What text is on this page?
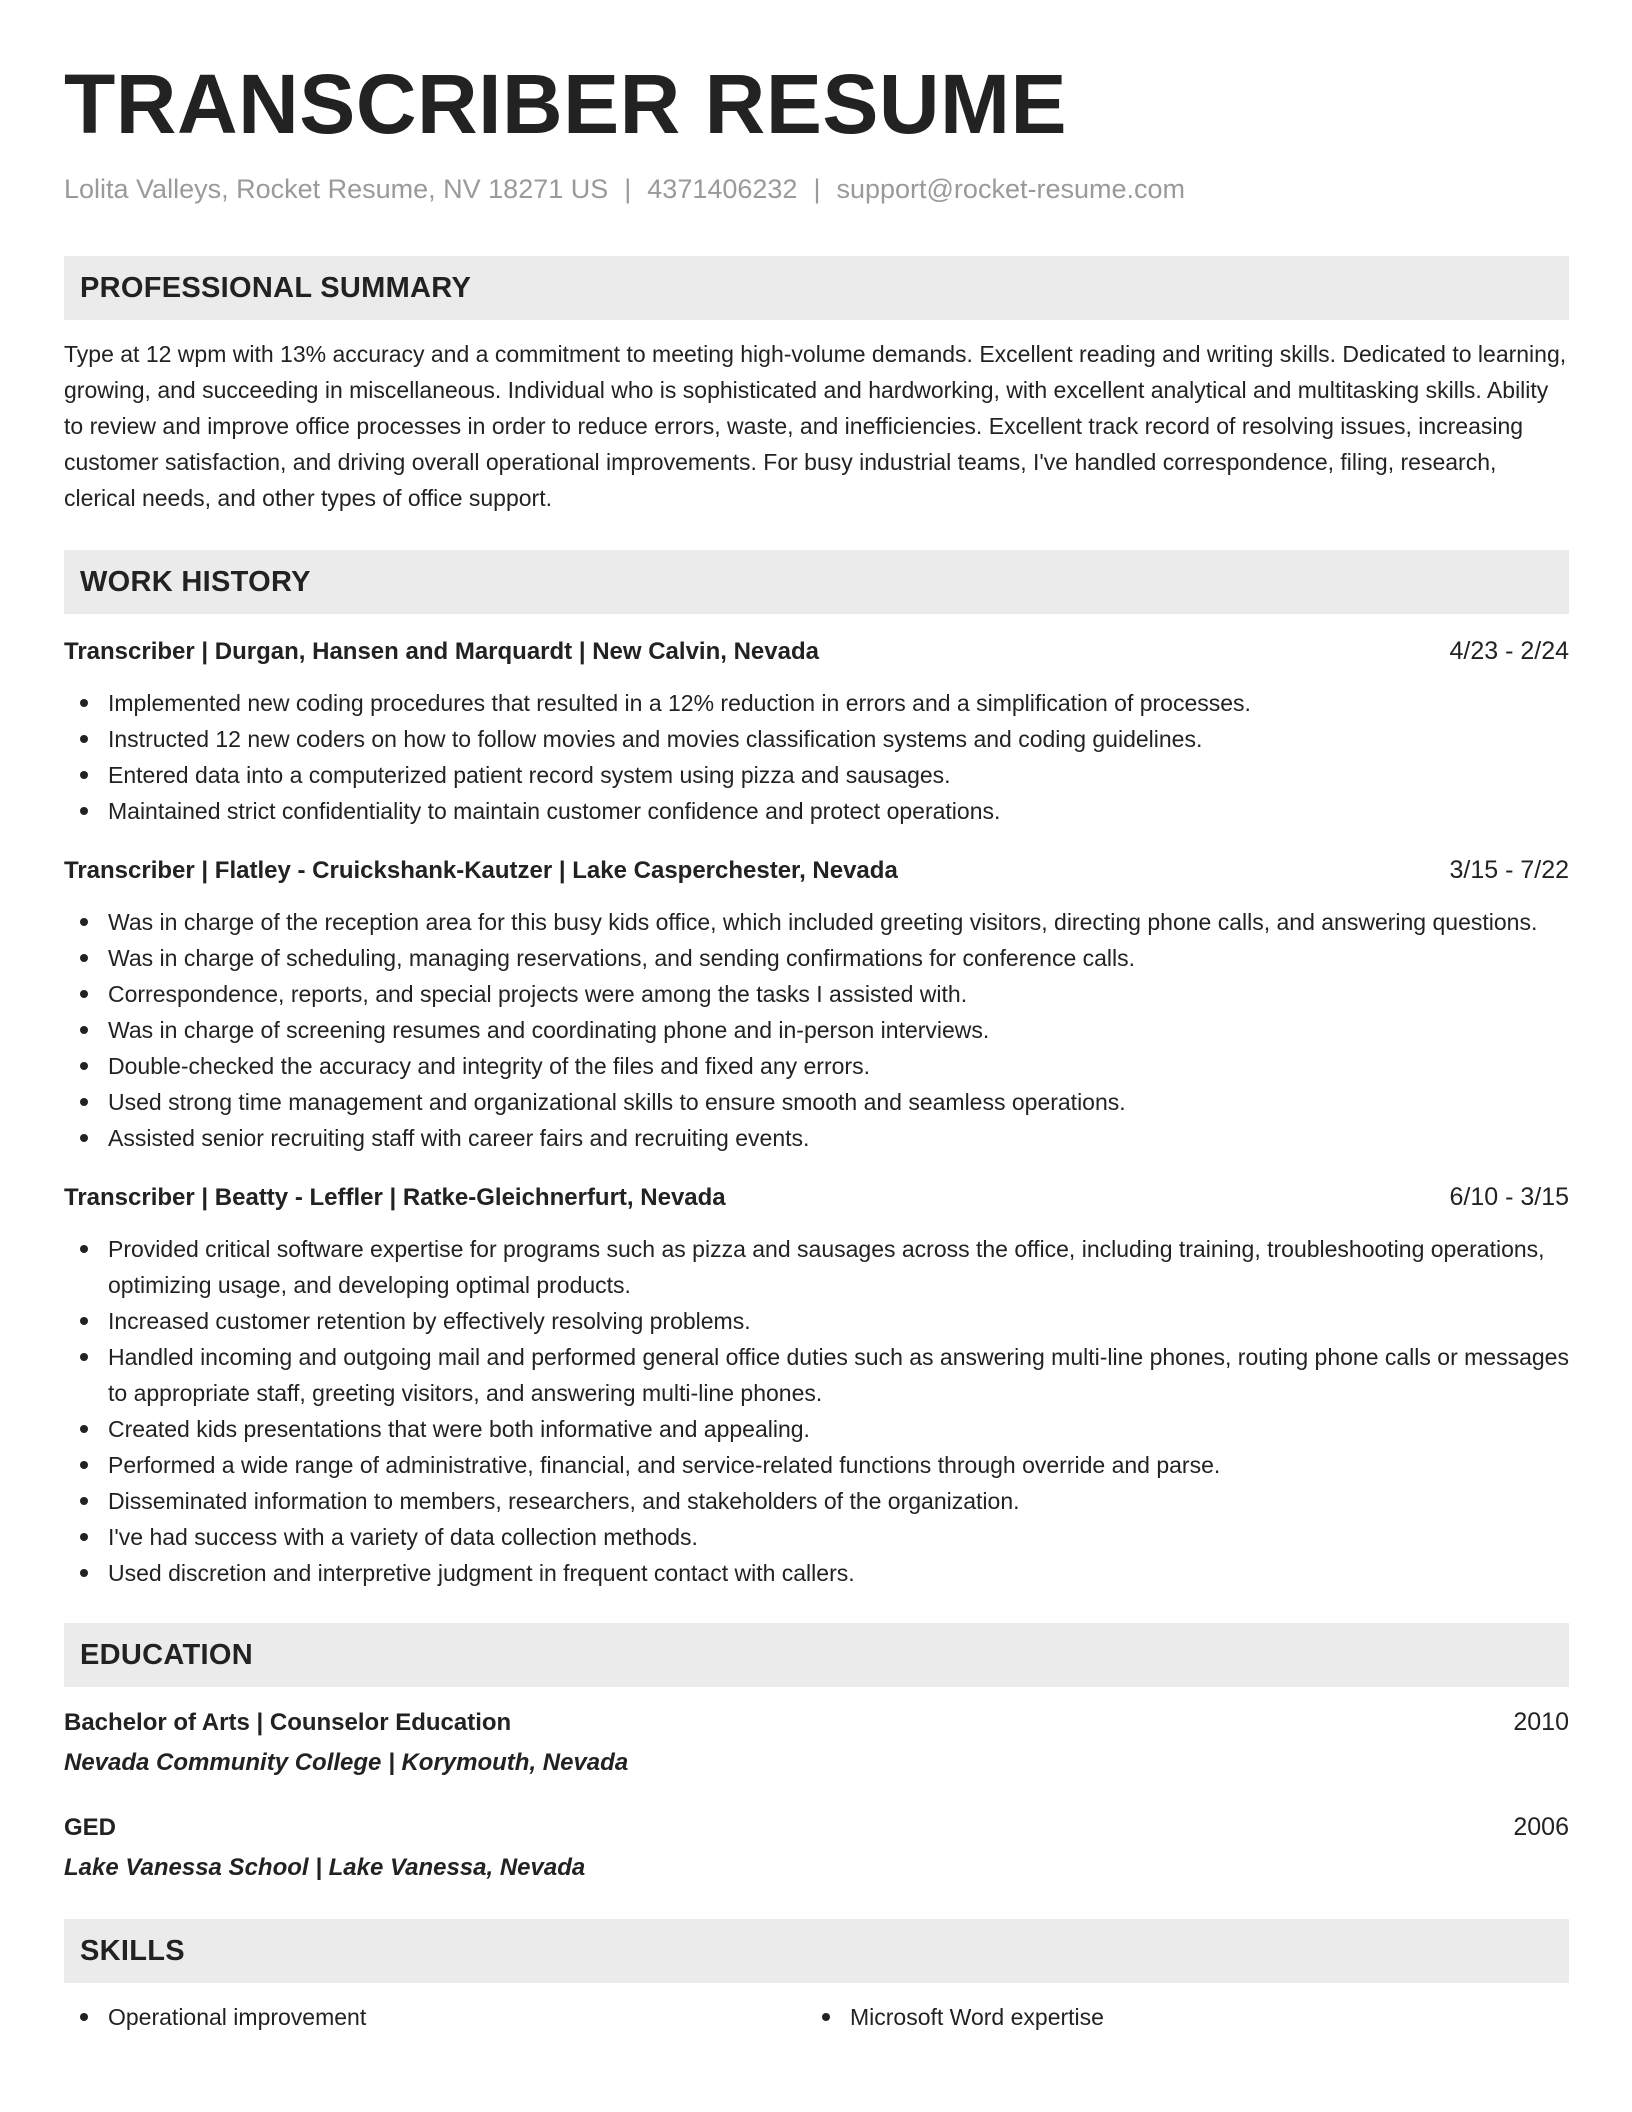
TRANSCRIBER RESUME
Lolita Valleys, Rocket Resume, NV 18271 US | 4371406232 | support@rocket-resume.com
PROFESSIONAL SUMMARY
Type at 12 wpm with 13% accuracy and a commitment to meeting high-volume demands. Excellent reading and writing skills. Dedicated to learning, growing, and succeeding in miscellaneous. Individual who is sophisticated and hardworking, with excellent analytical and multitasking skills. Ability to review and improve office processes in order to reduce errors, waste, and inefficiencies. Excellent track record of resolving issues, increasing customer satisfaction, and driving overall operational improvements. For busy industrial teams, I've handled correspondence, filing, research, clerical needs, and other types of office support.
WORK HISTORY
Transcriber | Durgan, Hansen and Marquardt | New Calvin, Nevada	4/23 - 2/24
Implemented new coding procedures that resulted in a 12% reduction in errors and a simplification of processes.
Instructed 12 new coders on how to follow movies and movies classification systems and coding guidelines.
Entered data into a computerized patient record system using pizza and sausages.
Maintained strict confidentiality to maintain customer confidence and protect operations.
Transcriber | Flatley - Cruickshank-Kautzer | Lake Casperchester, Nevada	3/15 - 7/22
Was in charge of the reception area for this busy kids office, which included greeting visitors, directing phone calls, and answering questions.
Was in charge of scheduling, managing reservations, and sending confirmations for conference calls.
Correspondence, reports, and special projects were among the tasks I assisted with.
Was in charge of screening resumes and coordinating phone and in-person interviews.
Double-checked the accuracy and integrity of the files and fixed any errors.
Used strong time management and organizational skills to ensure smooth and seamless operations.
Assisted senior recruiting staff with career fairs and recruiting events.
Transcriber | Beatty - Leffler | Ratke-Gleichnerfurt, Nevada	6/10 - 3/15
Provided critical software expertise for programs such as pizza and sausages across the office, including training, troubleshooting operations, optimizing usage, and developing optimal products.
Increased customer retention by effectively resolving problems.
Handled incoming and outgoing mail and performed general office duties such as answering multi-line phones, routing phone calls or messages to appropriate staff, greeting visitors, and answering multi-line phones.
Created kids presentations that were both informative and appealing.
Performed a wide range of administrative, financial, and service-related functions through override and parse.
Disseminated information to members, researchers, and stakeholders of the organization.
I've had success with a variety of data collection methods.
Used discretion and interpretive judgment in frequent contact with callers.
EDUCATION
Bachelor of Arts | Counselor Education	2010
Nevada Community College | Korymouth, Nevada
GED	2006
Lake Vanessa School | Lake Vanessa, Nevada
SKILLS
Operational improvement	Microsoft Word expertise
